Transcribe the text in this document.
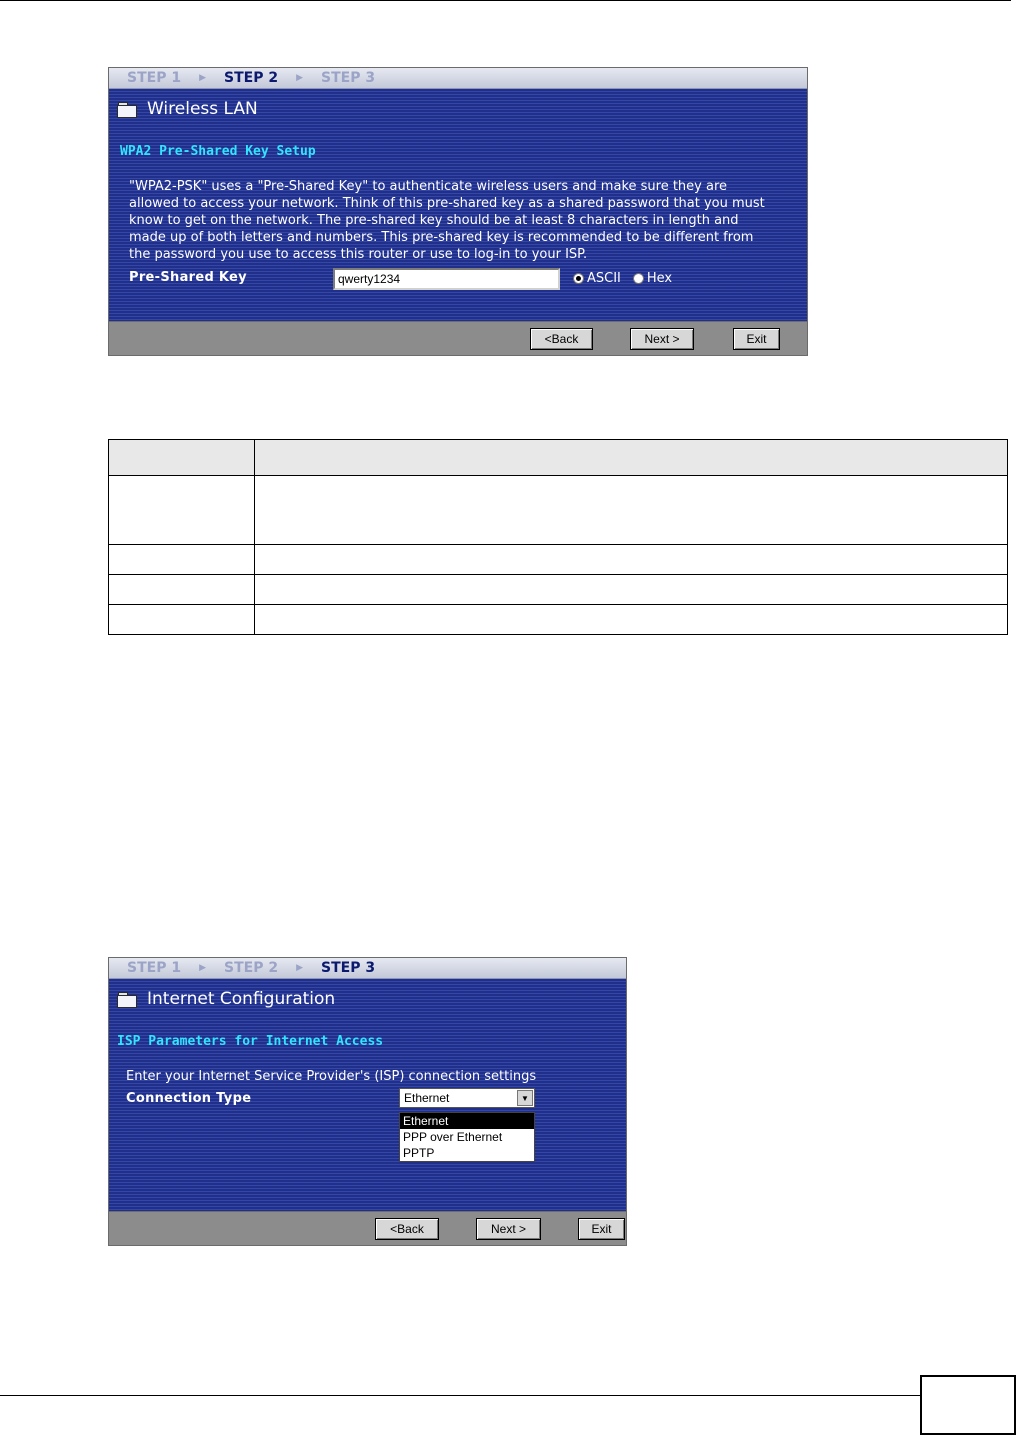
STEP 1 ▶ STEP 2 ▶ STEP 3
Wireless LAN
WPA2 Pre-Shared Key Setup
"WPA2-PSK" uses a "Pre-Shared Key" to authenticate wireless users and make sure they are
allowed to access your network. Think of this pre-shared key as a shared password that you must
know to get on the network. The pre-shared key should be at least 8 characters in length and
made up of both letters and numbers. This pre-shared key is recommended to be different from
the password you use to access this router or use to log-in to your ISP.
Pre-Shared Key
qwerty1234	ASCII Hex
<Back	Next >	Exit

STEP 1 ▶ STEP 2 ▶ STEP 3
Internet Configuration
ISP Parameters for Internet Access
Enter your Internet Service Provider's (ISP) connection settings
Connection Type	Ethernet	▼
Ethernet
PPP over Ethernet
PPTP
<Back	Next >	Exit
